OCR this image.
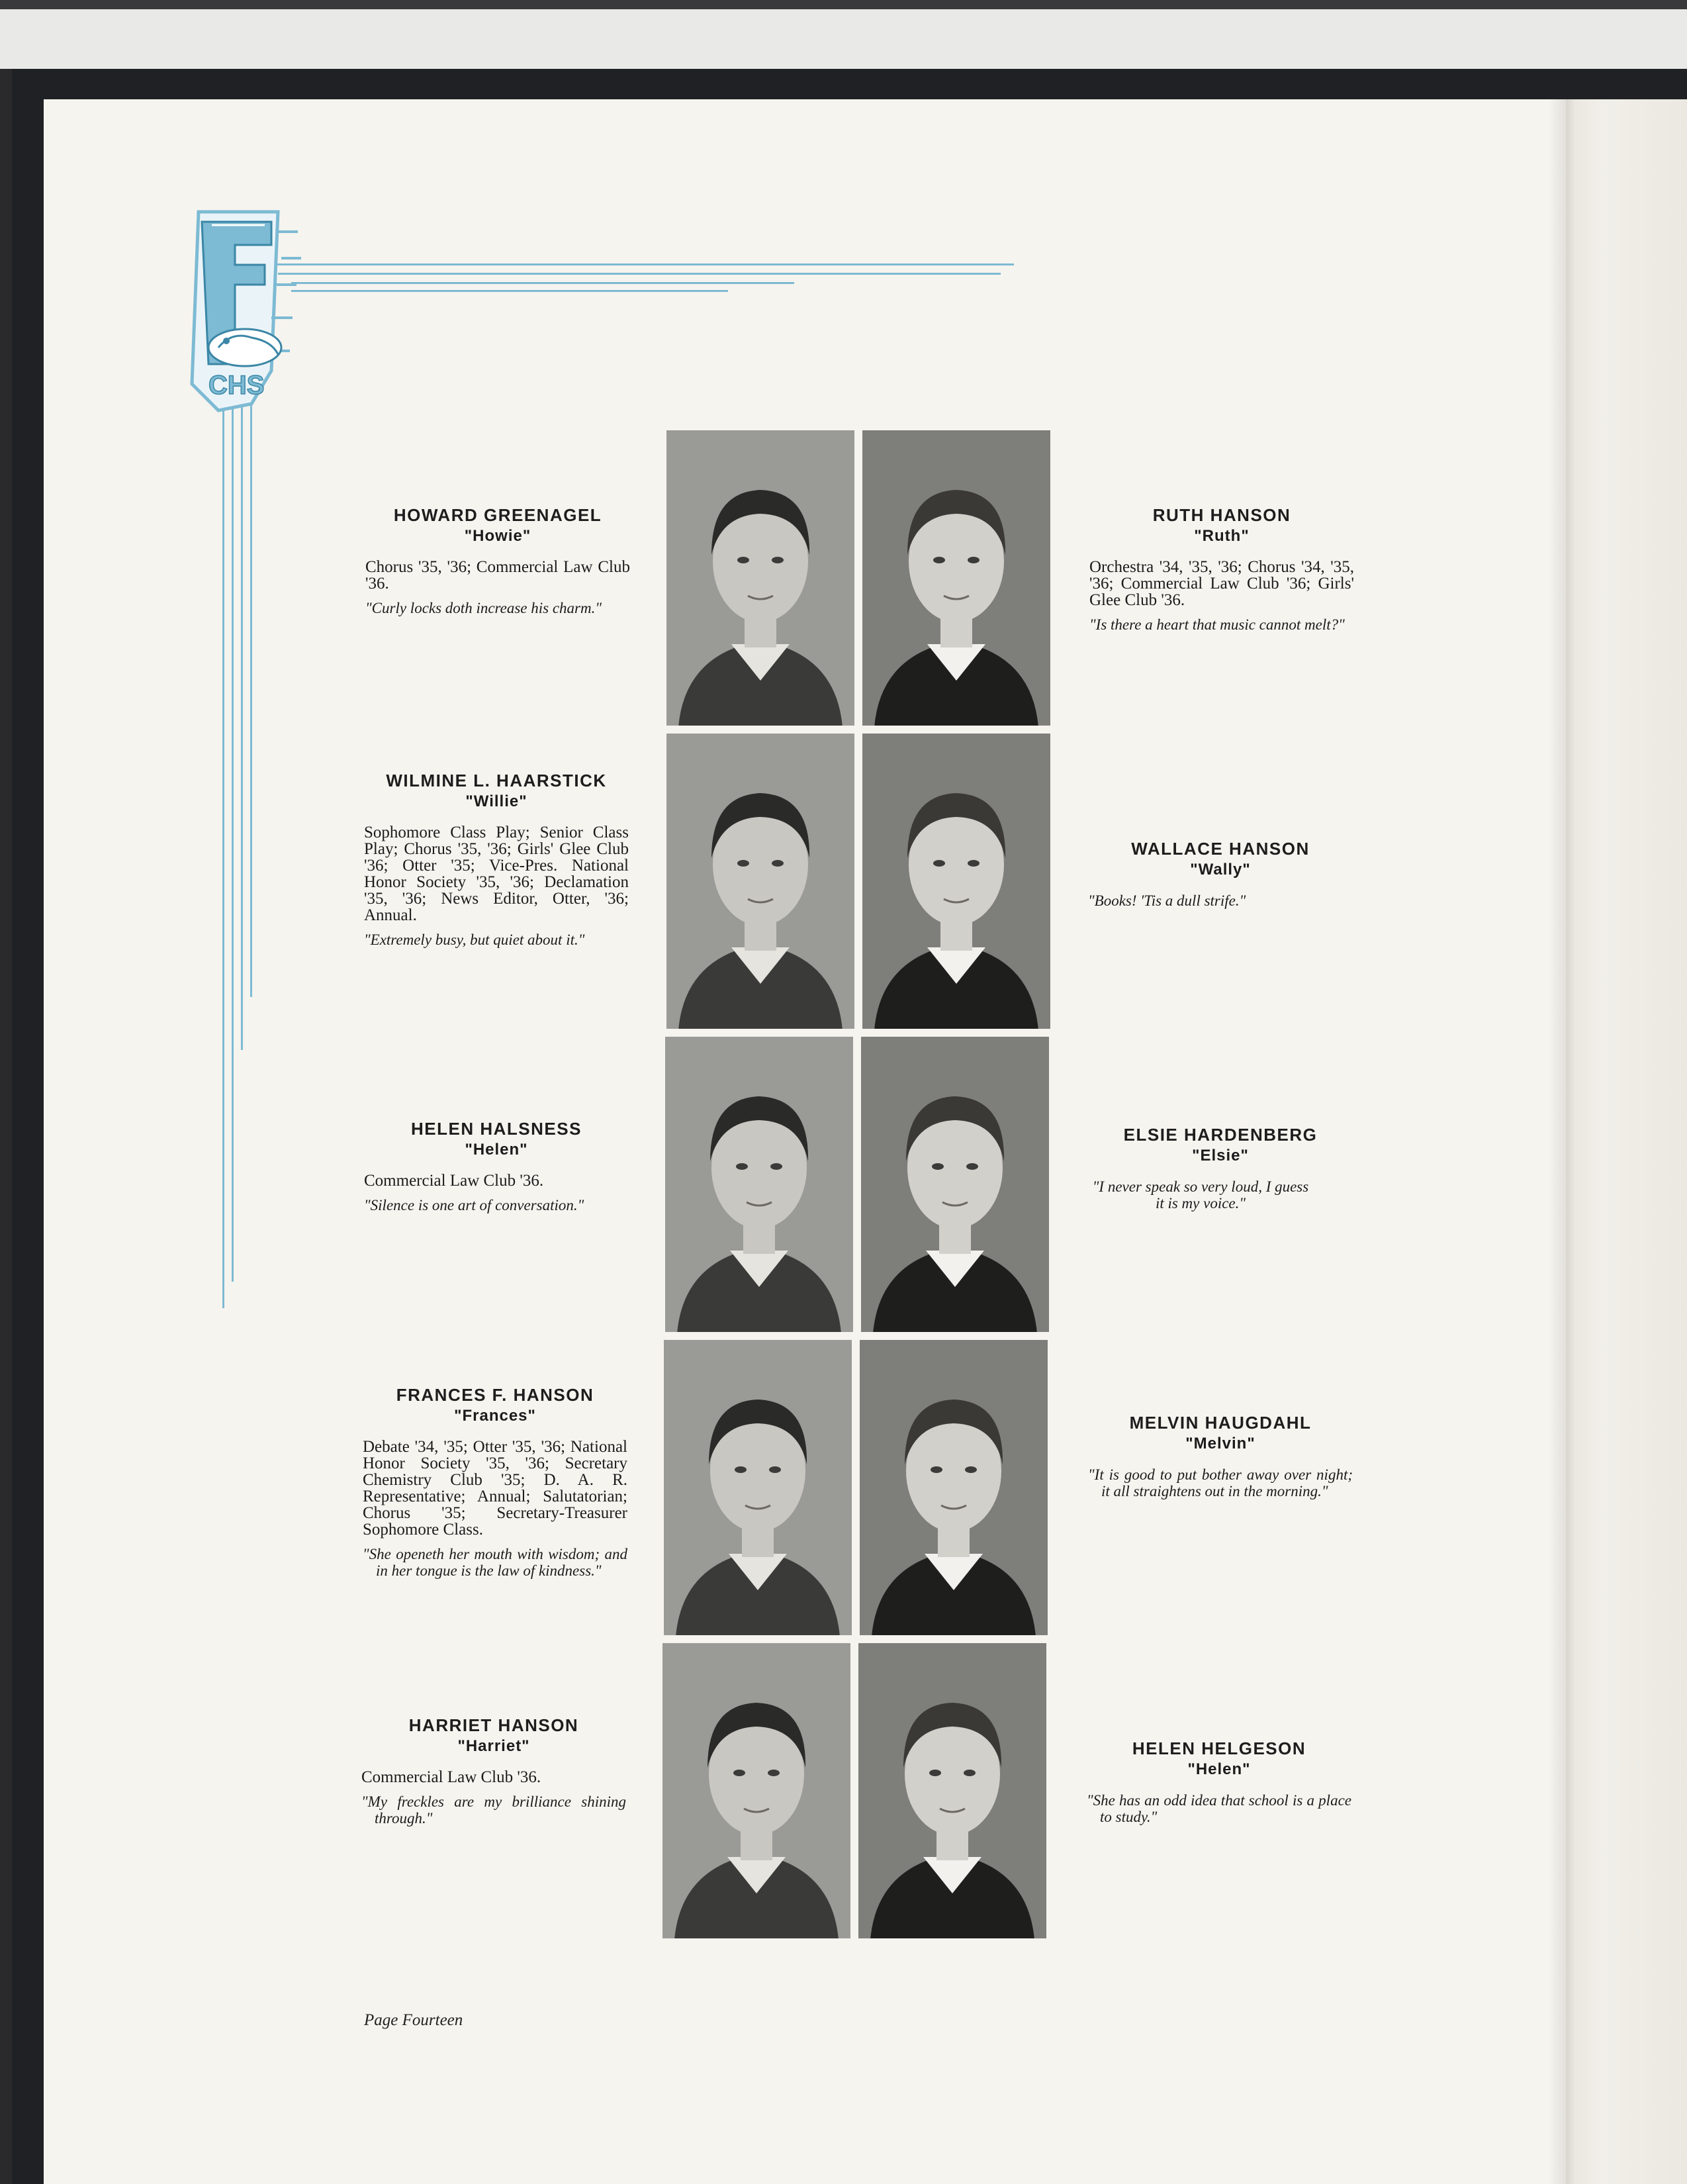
CHS
HOWARD GREENAGEL
"Howie"
Chorus '35, '36; Commercial Law Club '36.
"Curly locks doth increase his charm."
WILMINE L. HAARSTICK
"Willie"
Sophomore Class Play; Senior Class Play; Chorus '35, '36; Girls' Glee Club '36; Otter '35; Vice-Pres. National Honor Society '35, '36; Declamation '35, '36; News Editor, Otter, '36; Annual.
"Extremely busy, but quiet about it."
HELEN HALSNESS
"Helen"
Commercial Law Club '36.
"Silence is one art of conversation."
FRANCES F. HANSON
"Frances"
Debate '34, '35; Otter '35, '36; National Honor Society '35, '36; Secretary Chemistry Club '35; D. A. R. Representative; Annual; Salutatorian; Chorus '35; Secretary-Treasurer Sophomore Class.
"She openeth her mouth with wisdom; and in her tongue is the law of kindness."
HARRIET HANSON
"Harriet"
Commercial Law Club '36.
"My freckles are my brilliance shining through."
RUTH HANSON
"Ruth"
Orchestra '34, '35, '36; Chorus '34, '35, '36; Commercial Law Club '36; Girls' Glee Club '36.
"Is there a heart that music cannot melt?"
WALLACE HANSON
"Wally"
"Books! 'Tis a dull strife."
ELSIE HARDENBERG
"Elsie"
"I never speak so very loud, I guess it is my voice."
MELVIN HAUGDAHL
"Melvin"
"It is good to put bother away over night; it all straightens out in the morning."
HELEN HELGESON
"Helen"
"She has an odd idea that school is a place to study."
Page Fourteen
